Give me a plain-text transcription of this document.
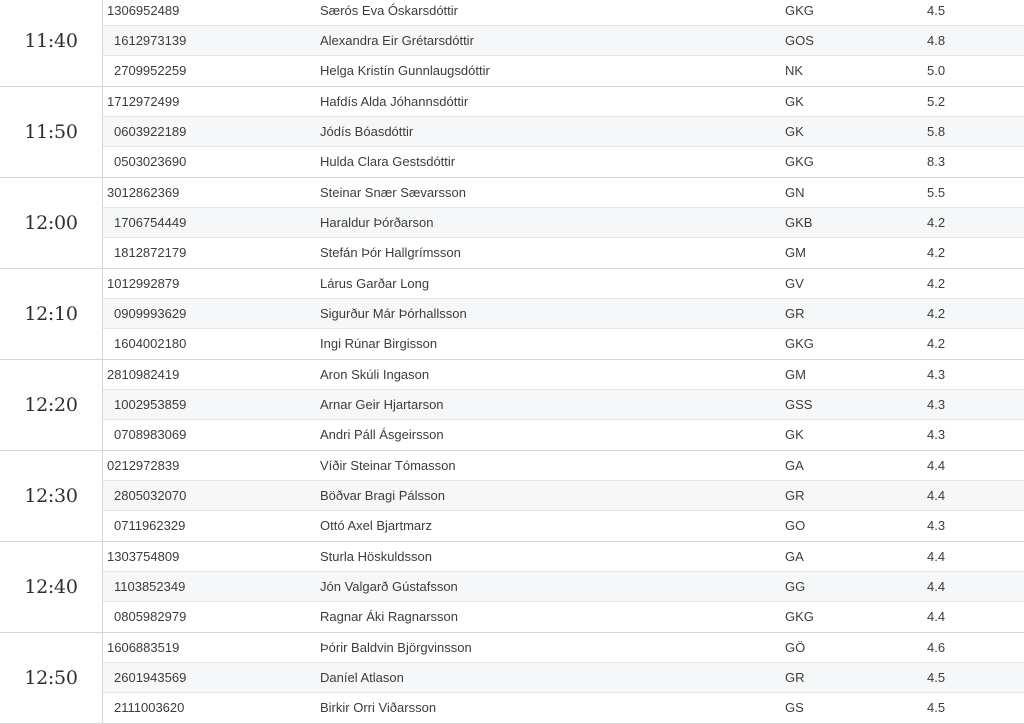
11:40
1306952489	Særós Eva Óskarsdóttir	GKG	4.5
1612973139	Alexandra Eir Grétarsdóttir	GOS	4.8
2709952259	Helga Kristín Gunnlaugsdóttir	NK	5.0
11:50
1712972499	Hafdís Alda Jóhannsdóttir	GK	5.2
0603922189	Jódís Bóasdóttir	GK	5.8
0503023690	Hulda Clara Gestsdóttir	GKG	8.3
12:00
3012862369	Steinar Snær Sævarsson	GN	5.5
1706754449	Haraldur Þórðarson	GKB	4.2
1812872179	Stefán Þór Hallgrímsson	GM	4.2
12:10
1012992879	Lárus Garðar Long	GV	4.2
0909993629	Sigurður Már Þórhallsson	GR	4.2
1604002180	Ingi Rúnar Birgisson	GKG	4.2
12:20
2810982419	Aron Skúli Ingason	GM	4.3
1002953859	Arnar Geir Hjartarson	GSS	4.3
0708983069	Andri Páll Ásgeirsson	GK	4.3
12:30
0212972839	Víðir Steinar Tómasson	GA	4.4
2805032070	Böðvar Bragi Pálsson	GR	4.4
0711962329	Ottó Axel Bjartmarz	GO	4.3
12:40
1303754809	Sturla Höskuldsson	GA	4.4
1103852349	Jón Valgarð Gústafsson	GG	4.4
0805982979	Ragnar Áki Ragnarsson	GKG	4.4
12:50
1606883519	Þórir Baldvin Björgvinsson	GÖ	4.6
2601943569	Daníel Atlason	GR	4.5
2111003620	Birkir Orri Viðarsson	GS	4.5
